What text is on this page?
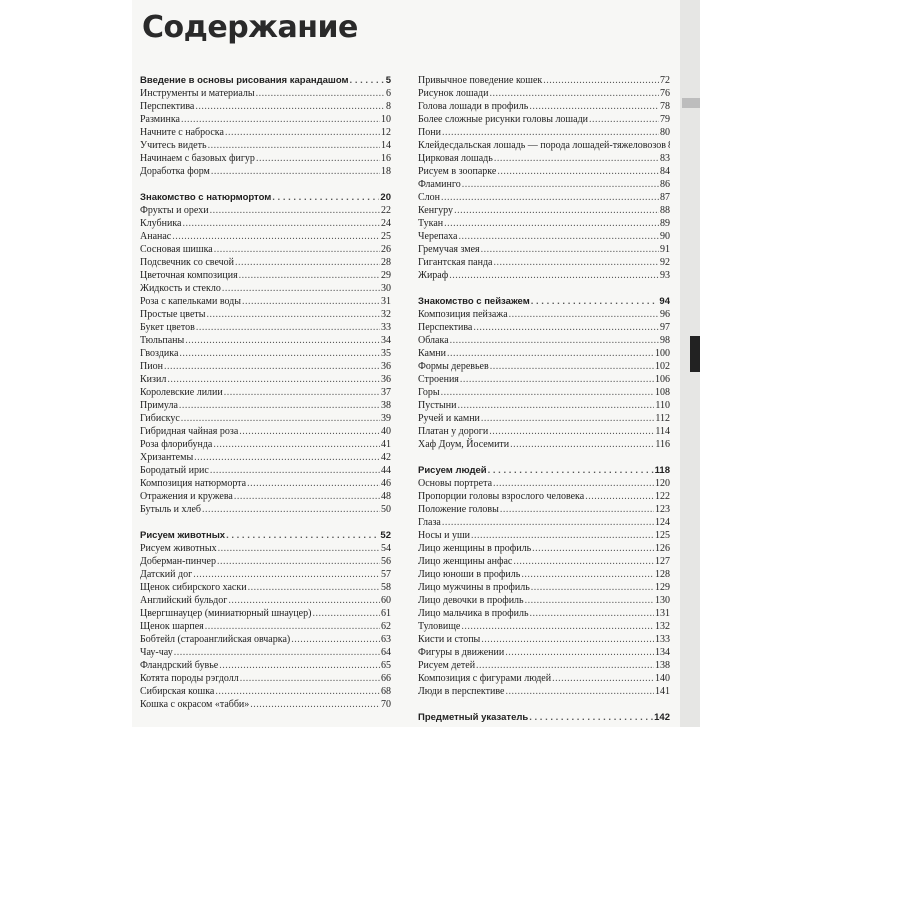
Содержание
Введение в основы рисования карандашом . . .	5
Инструменты и материалы . . .	6
Перспектива . . .	8
Разминка . . .	10
Начните с наброска . . .	12
Учитесь видеть . . .	14
Начинаем с базовых фигур . . .	16
Доработка форм . . .	18
Знакомство с натюрмортом . . .	20
Фрукты и орехи . . .	22
Клубника . . .	24
Ананас . . .	25
Сосновая шишка . . .	26
Подсвечник со свечой . . .	28
Цветочная композиция . . .	29
Жидкость и стекло . . .	30
Роза с капельками воды . . .	31
Простые цветы . . .	32
Букет цветов . . .	33
Тюльпаны . . .	34
Гвоздика . . .	35
Пион . . .	36
Кизил . . .	36
Королевские лилии . . .	37
Примула . . .	38
Гибискус . . .	39
Гибридная чайная роза . . .	40
Роза флорибунда . . .	41
Хризантемы . . .	42
Бородатый ирис . . .	44
Композиция натюрморта . . .	46
Отражения и кружева . . .	48
Бутыль и хлеб . . .	50
Рисуем животных . . .	52
Рисуем животных . . .	54
Доберман-пинчер . . .	56
Датский дог . . .	57
Щенок сибирского хаски . . .	58
Английский бульдог . . .	60
Цвергшнауцер (миниатюрный шнауцер) . . .	61
Щенок шарпея . . .	62
Бобтейл (староанглийская овчарка) . . .	63
Чау-чау . . .	64
Фландрский бувье . . .	65
Котята породы рэгдолл . . .	66
Сибирская кошка . . .	68
Кошка с окрасом «табби» . . .	70
Привычное поведение кошек . . .	72
Рисунок лошади . . .	76
Голова лошади в профиль . . .	78
Более сложные рисунки головы лошади . . .	79
Пони . . .	80
Клейдесдальская лошадь — порода лошадей-тяжеловозов
Цирковая лошадь . . .	83
Рисуем в зоопарке . . .	84
Фламинго . . .	86
Слон . . .	87
Кенгуру . . .	88
Тукан . . .	89
Черепаха . . .	90
Гремучая змея . . .	91
Гигантская панда . . .	92
Жираф . . .	93
Знакомство с пейзажем . . .	94
Композиция пейзажа . . .	96
Перспектива . . .	97
Облака . . .	98
Камни . . .	100
Формы деревьев . . .	102
Строения . . .	106
Горы . . .	108
Пустыни . . .	110
Ручей и камни . . .	112
Платан у дороги . . .	114
Хаф Доум, Йосемити . . .	116
Рисуем людей . . .	118
Основы портрета . . .	120
Пропорции головы взрослого человека . . .	122
Положение головы . . .	123
Глаза . . .	124
Носы и уши . . .	125
Лицо женщины в профиль . . .	126
Лицо женщины анфас . . .	127
Лицо юноши в профиль . . .	128
Лицо мужчины в профиль . . .	129
Лицо девочки в профиль . . .	130
Лицо мальчика в профиль . . .	131
Туловище . . .	132
Кисти и стопы . . .	133
Фигуры в движении . . .	134
Рисуем детей . . .	138
Композиция с фигурами людей . . .	140
Люди в перспективе . . .	141
Предметный указатель . . .	142
